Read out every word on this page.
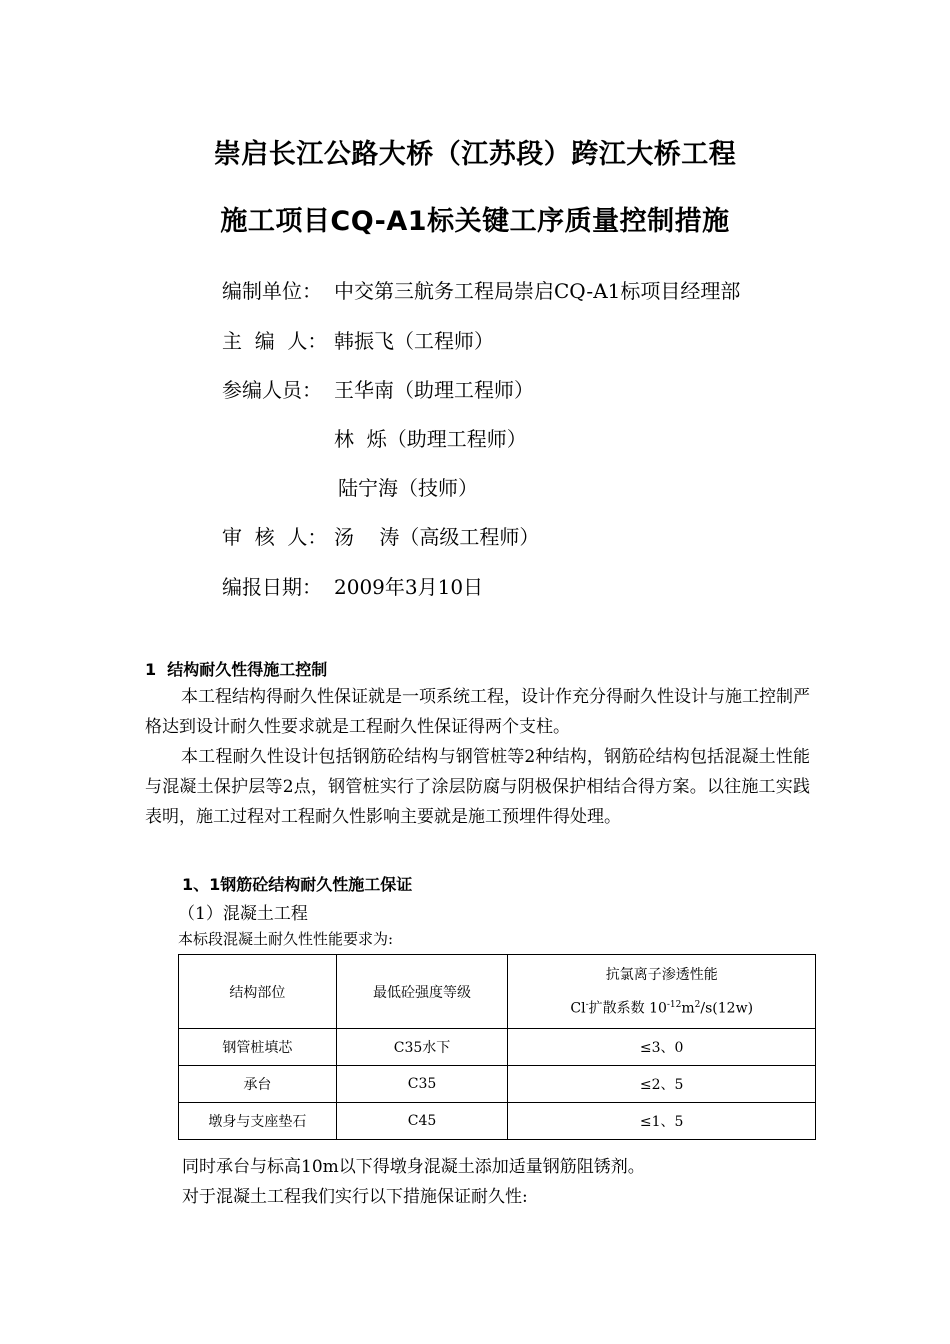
崇启长江公路大桥（江苏段）跨江大桥工程
施工项目CQ-A1标关键工序质量控制措施
编制单位： 中交第三航务工程局崇启CQ-A1标项目经理部
主  编  人： 韩振飞（工程师）
参编人员： 王华南（助理工程师）
林  烁（助理工程师）
陆宁海（技师）
审  核  人： 汤    涛（高级工程师）
编报日期： 2009年3月10日
1  结构耐久性得施工控制

本工程结构得耐久性保证就是一项系统工程，设计作充分得耐久性设计与施工控制严格达到设计耐久性要求就是工程耐久性保证得两个支柱。

本工程耐久性设计包括钢筋砼结构与钢管桩等2种结构，钢筋砼结构包括混凝土性能与混凝土保护层等2点，钢管桩实行了涂层防腐与阴极保护相结合得方案。以往施工实践表明，施工过程对工程耐久性影响主要就是施工预埋件得处理。

1、1钢筋砼结构耐久性施工保证
（1）混凝土工程
本标段混凝土耐久性性能要求为:
结构部位	最低砼强度等级	抗氯离子渗透性能
Cl-扩散系数 $10^{-12}m^2/s(12w)$

钢管桩填芯	C35水下	≤3、0
承台	C35	≤2、5
墩身与支座垫石	C45	≤1、5
同时承台与标高10m以下得墩身混凝土添加适量钢筋阻锈剂。
对于混凝土工程我们实行以下措施保证耐久性:
